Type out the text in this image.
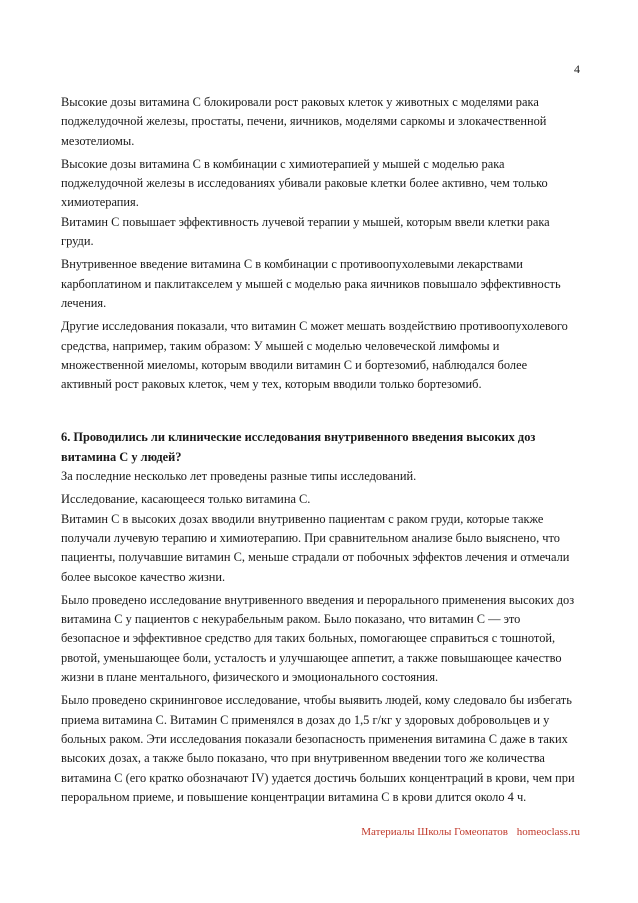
4

Высокие дозы витамина С блокировали рост раковых клеток у животных с моделями рака поджелудочной железы, простаты, печени, яичников, моделями саркомы и злокачественной мезотелиомы.

Высокие дозы витамина С в комбинации с химиотерапией у мышей с моделью рака поджелудочной железы в исследованиях убивали раковые клетки более активно, чем только химиотерапия.

Витамин С повышает эффективность лучевой терапии у мышей, которым ввели клетки рака груди.

Внутривенное введение витамина С в комбинации с противоопухолевыми лекарствами карбоплатином и паклитакселем у мышей с моделью рака яичников повышало эффективность лечения.

Другие исследования показали, что витамин С может мешать воздействию противоопухолевого средства, например, таким образом: У мышей с моделью человеческой лимфомы и множественной миеломы, которым вводили витамин С и бортезомиб, наблюдался более активный рост раковых клеток, чем у тех, которым вводили только бортезомиб.

6. Проводились ли клинические исследования внутривенного введения высоких доз витамина С у людей?

За последние несколько лет проведены разные типы исследований.

Исследование, касающееся только витамина С.

Витамин С в высоких дозах вводили внутривенно пациентам с раком груди, которые также получали лучевую терапию и химиотерапию. При сравнительном анализе было выяснено, что пациенты, получавшие витамин С, меньше страдали от побочных эффектов лечения и отмечали более высокое качество жизни.

Было проведено исследование внутривенного введения и перорального применения высоких доз витамина С у пациентов с некурабельным раком. Было показано, что витамин С — это безопасное и эффективное средство для таких больных, помогающее справиться с тошнотой, рвотой, уменьшающее боли, усталость и улучшающее аппетит, а также повышающее качество жизни в плане ментального, физического и эмоционального состояния.

Было проведено скрининговое исследование, чтобы выявить людей, кому следовало бы избегать приема витамина С. Витамин С применялся в дозах до 1,5 г/кг у здоровых добровольцев и у больных раком. Эти исследования показали безопасность применения витамина С даже в таких высоких дозах, а также было показано, что при внутривенном введении того же количества витамина С (его кратко обозначают IV) удается достичь больших концентраций в крови, чем при пероральном приеме, и повышение концентрации витамина С в крови длится около 4 ч.

Материалы Школы Гомеопатов homeoclass.ru
